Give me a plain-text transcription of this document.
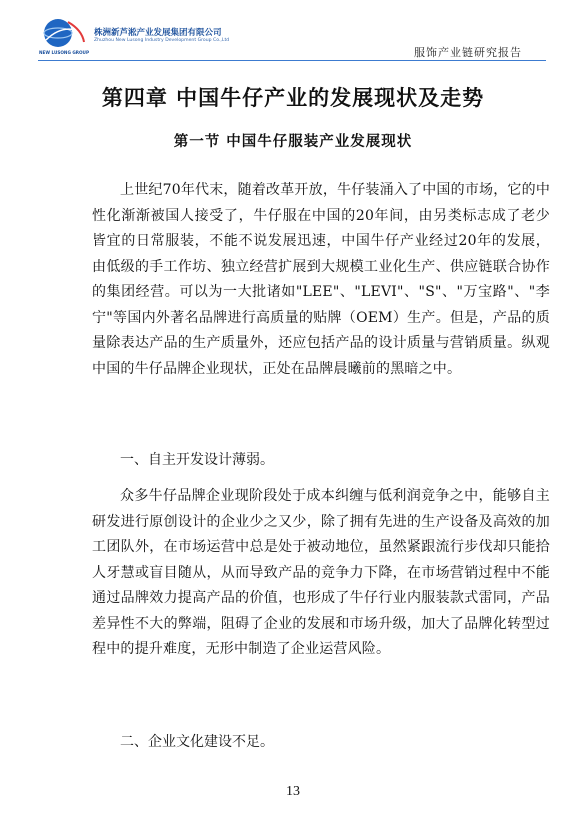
NEW LUSONG GROUP
株洲新芦淞产业发展集团有限公司
Zhuzhou New Lusong Industry Development Group Co.,Ltd
服饰产业链研究报告
第四章 中国牛仔产业的发展现状及走势
第一节 中国牛仔服装产业发展现状

上世纪70年代末，随着改革开放，牛仔装涌入了中国的市场，它的中性化渐渐被国人接受了，牛仔服在中国的20年间，由另类标志成了老少皆宜的日常服装，不能不说发展迅速，中国牛仔产业经过20年的发展，由低级的手工作坊、独立经营扩展到大规模工业化生产、供应链联合协作的集团经营。可以为一大批诸如"LEE"、"LEVI"、"S"、"万宝路"、"李宁"等国内外著名品牌进行高质量的贴牌（OEM）生产。但是，产品的质量除表达产品的生产质量外，还应包括产品的设计质量与营销质量。纵观中国的牛仔品牌企业现状，正处在品牌晨曦前的黑暗之中。

一、自主开发设计薄弱。

众多牛仔品牌企业现阶段处于成本纠缠与低利润竞争之中，能够自主研发进行原创设计的企业少之又少，除了拥有先进的生产设备及高效的加工团队外，在市场运营中总是处于被动地位，虽然紧跟流行步伐却只能拾人牙慧或盲目随从，从而导致产品的竞争力下降，在市场营销过程中不能通过品牌效力提高产品的价值，也形成了牛仔行业内服装款式雷同，产品差异性不大的弊端，阻碍了企业的发展和市场升级，加大了品牌化转型过程中的提升难度，无形中制造了企业运营风险。

二、企业文化建设不足。

13
